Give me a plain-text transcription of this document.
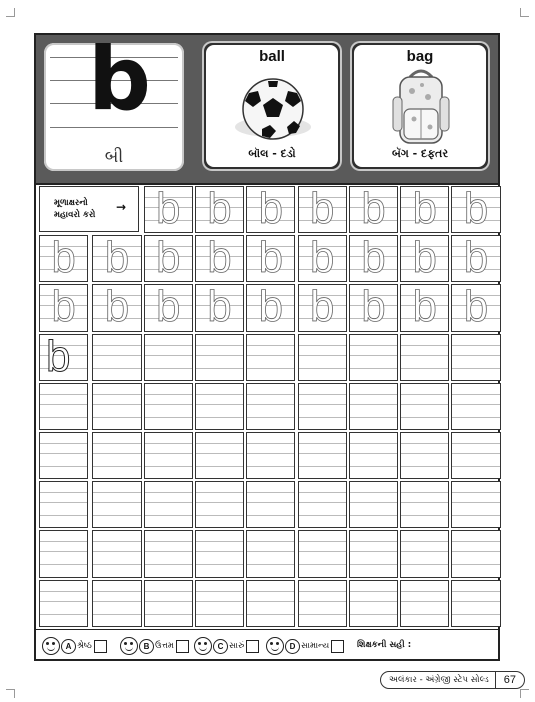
b
બી
ball
બૉલ - દડો
bag
બૅગ - દફતર
મૂળાક્ષરનો
મહાવરો કરો
→ b b b b b b b
b b b b b b b b b
b b b b b b b b b
b
A શ્રેષ્ઠ	B ઉત્તમ	C સારું	D સામાન્ય	શિક્ષકની સહી :
અલંકાર - અંગ્રેજી સ્ટેપ સોલ્ડ	67
